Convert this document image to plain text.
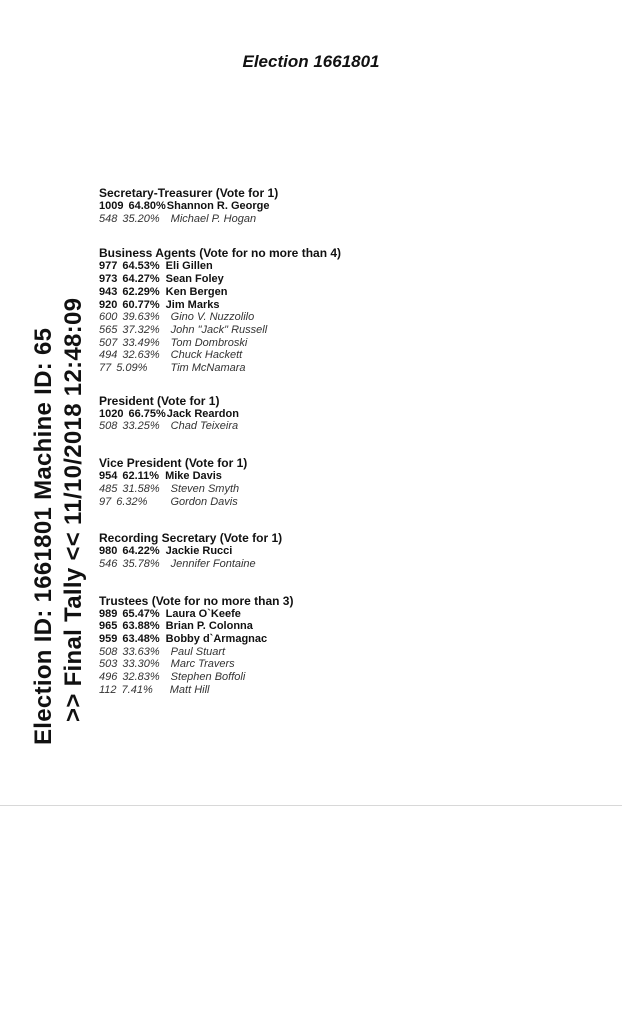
Election 1661801
Election ID: 1661801 Machine ID: 65 >> Final Tally << 11/10/2018 12:48:09
Secretary-Treasurer (Vote for 1)
1009 64.80%Shannon R. George
548 35.20% Michael P. Hogan
Business Agents (Vote for no more than 4)
977 64.53% Eli Gillen
973 64.27% Sean Foley
943 62.29% Ken Bergen
920 60.77% Jim Marks
600 39.63% Gino V. Nuzzolilo
565 37.32% John "Jack" Russell
507 33.49% Tom Dombroski
494 32.63% Chuck Hackett
77 5.09% Tim McNamara
President (Vote for 1)
1020 66.75%Jack Reardon
508 33.25% Chad Teixeira
Vice President (Vote for 1)
954 62.11% Mike Davis
485 31.58% Steven Smyth
97 6.32% Gordon Davis
Recording Secretary (Vote for 1)
980 64.22% Jackie Rucci
546 35.78% Jennifer Fontaine
Trustees (Vote for no more than 3)
989 65.47% Laura O`Keefe
965 63.88% Brian P. Colonna
959 63.48% Bobby d`Armagnac
508 33.63% Paul Stuart
503 33.30% Marc Travers
496 32.83% Stephen Boffoli
112 7.41% Matt Hill
